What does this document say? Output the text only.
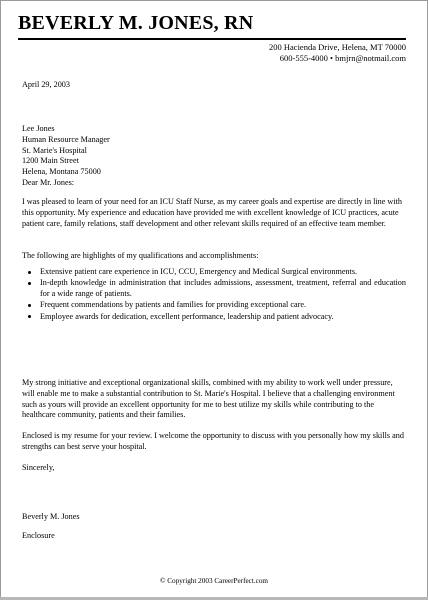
BEVERLY M. JONES, RN
200 Hacienda Drive, Helena, MT 70000
600-555-4000 • bmjrn@notmail.com
April 29, 2003
Lee Jones
Human Resource Manager
St. Marie's Hospital
1200 Main Street
Helena, Montana 75000
Dear Mr. Jones:

I was pleased to learn of your need for an ICU Staff Nurse, as my career goals and expertise are directly in line with this opportunity. My experience and education have provided me with excellent knowledge of ICU practices, acute patient care, family relations, staff development and other relevant skills required of an effective team member.

The following are highlights of my qualifications and accomplishments:

Extensive patient care experience in ICU, CCU, Emergency and Medical Surgical environments.
In-depth knowledge in administration that includes admissions, assessment, treatment, referral and education for a wide range of patients.
Frequent commendations by patients and families for providing exceptional care.
Employee awards for dedication, excellent performance, leadership and patient advocacy.

My strong initiative and exceptional organizational skills, combined with my ability to work well under pressure, will enable me to make a substantial contribution to St. Marie's Hospital. I believe that a challenging environment such as yours will provide an excellent opportunity for me to best utilize my skills while contributing to the healthcare community, patients and their families.

Enclosed is my resume for your review. I welcome the opportunity to discuss with you personally how my skills and strengths can best serve your hospital.

Sincerely,
Beverly M. Jones
Enclosure
© Copyright 2003 CareerPerfect.com
